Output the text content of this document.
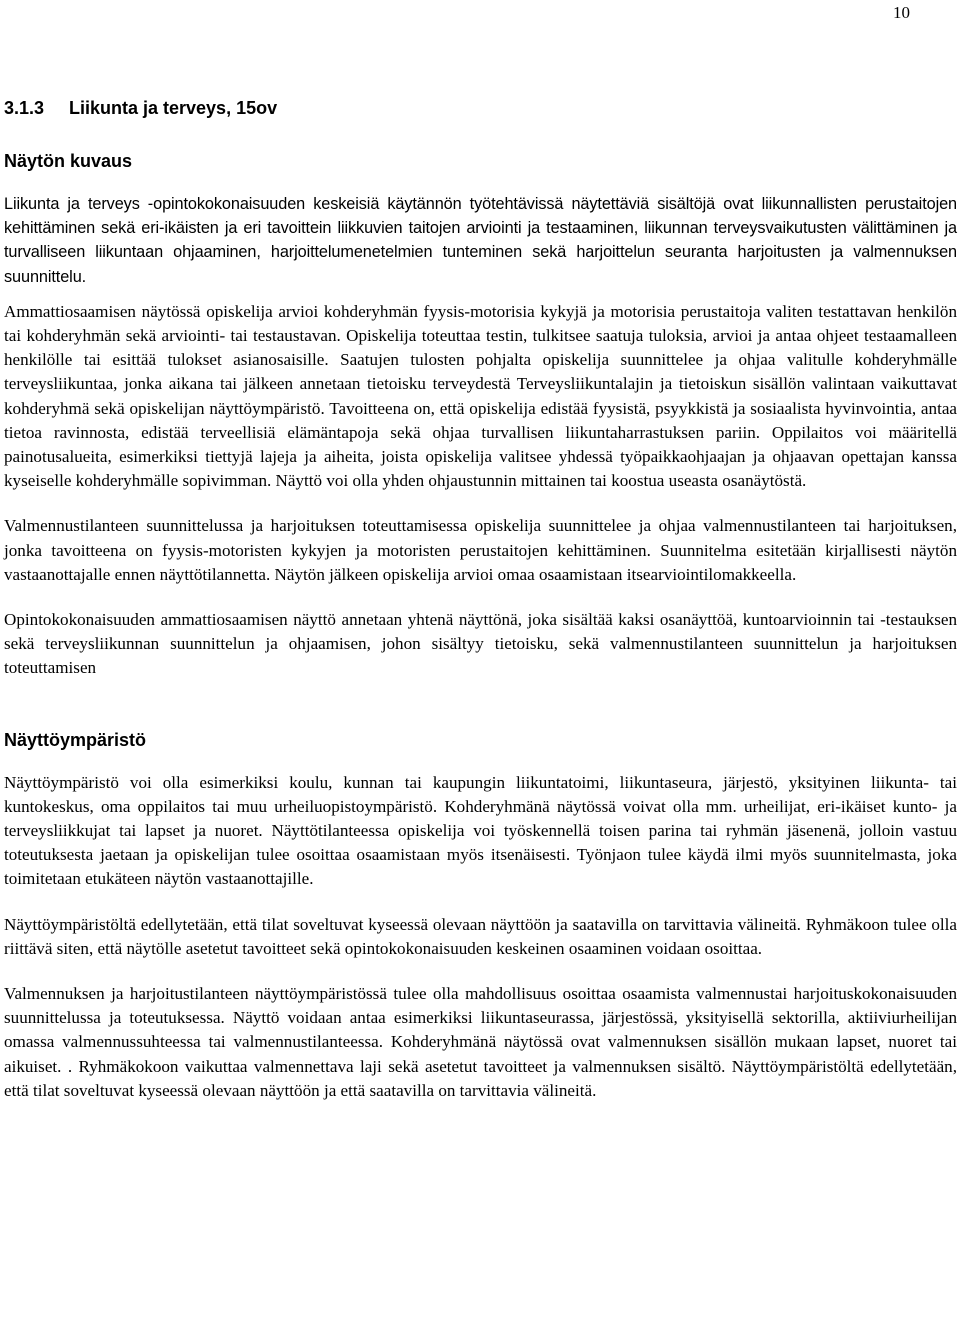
10
3.1.3 Liikunta ja terveys, 15ov
Näytön kuvaus

Liikunta ja terveys -opintokokonaisuuden keskeisiä käytännön työtehtävissä näytettäviä sisältöjä ovat liikunnallisten perustaitojen kehittäminen sekä eri-ikäisten ja eri tavoittein liikkuvien taitojen arviointi ja testaaminen, liikunnan terveysvaikutusten välittäminen ja turvalliseen liikuntaan ohjaaminen, harjoittelumenetelmien tunteminen sekä harjoittelun seuranta harjoitusten ja valmennuksen suunnittelu.

Ammattiosaamisen näytössä opiskelija arvioi kohderyhmän fyysis-motorisia kykyjä ja motorisia perustaitoja valiten testattavan henkilön tai kohderyhmän sekä arviointi- tai testaustavan. Opiskelija toteuttaa testin, tulkitsee saatuja tuloksia, arvioi ja antaa ohjeet testaamalleen henkilölle tai esittää tulokset asianosaisille. Saatujen tulosten pohjalta opiskelija suunnittelee ja ohjaa valitulle kohderyhmälle terveysliikuntaa, jonka aikana tai jälkeen annetaan tietoisku terveydestä Terveysliikuntalajin ja tietoiskun sisällön valintaan vaikuttavat kohderyhmä sekä opiskelijan näyttöympäristö. Tavoitteena on, että opiskelija edistää fyysistä, psyykkistä ja sosiaalista hyvinvointia, antaa tietoa ravinnosta, edistää terveellisiä elämäntapoja sekä ohjaa turvallisen liikuntaharrastuksen pariin. Oppilaitos voi määritellä painotusalueita, esimerkiksi tiettyjä lajeja ja aiheita, joista opiskelija valitsee yhdessä työpaikkaohjaajan ja ohjaavan opettajan kanssa kyseiselle kohderyhmälle sopivimman. Näyttö voi olla yhden ohjaustunnin mittainen tai koostua useasta osanäytöstä.

Valmennustilanteen suunnittelussa ja harjoituksen toteuttamisessa opiskelija suunnittelee ja ohjaa valmennustilanteen tai harjoituksen, jonka tavoitteena on fyysis-motoristen kykyjen ja motoristen perustaitojen kehittäminen. Suunnitelma esitetään kirjallisesti näytön vastaanottajalle ennen näyttötilannetta. Näytön jälkeen opiskelija arvioi omaa osaamistaan itsearviointilomakkeella.

Opintokokonaisuuden ammattiosaamisen näyttö annetaan yhtenä näyttönä, joka sisältää kaksi osanäyttöä, kuntoarvioinnin tai -testauksen sekä terveysliikunnan suunnittelun ja ohjaamisen, johon sisältyy tietoisku, sekä valmennustilanteen suunnittelun ja harjoituksen toteuttamisen

Näyttöympäristö

Näyttöympäristö voi olla esimerkiksi koulu, kunnan tai kaupungin liikuntatoimi, liikuntaseura, järjestö, yksityinen liikunta- tai kuntokeskus, oma oppilaitos tai muu urheiluopistoympäristö. Kohderyhmänä näytössä voivat olla mm. urheilijat, eri-ikäiset kunto- ja terveysliikkujat tai lapset ja nuoret. Näyttötilanteessa opiskelija voi työskennellä toisen parina tai ryhmän jäsenenä, jolloin vastuu toteutuksesta jaetaan ja opiskelijan tulee osoittaa osaamistaan myös itsenäisesti. Työnjaon tulee käydä ilmi myös suunnitelmasta, joka toimitetaan etukäteen näytön vastaanottajille.

Näyttöympäristöltä edellytetään, että tilat soveltuvat kyseessä olevaan näyttöön ja saatavilla on tarvittavia välineitä. Ryhmäkoon tulee olla riittävä siten, että näytölle asetetut tavoitteet sekä opintokokonaisuuden keskeinen osaaminen voidaan osoittaa.

Valmennuksen ja harjoitustilanteen näyttöympäristössä tulee olla mahdollisuus osoittaa osaamista valmennustai harjoituskokonaisuuden suunnittelussa ja toteutuksessa. Näyttö voidaan antaa esimerkiksi liikuntaseurassa, järjestössä, yksityisellä sektorilla, aktiiviurheilijan omassa valmennussuhteessa tai valmennustilanteessa. Kohderyhmänä näytössä ovat valmennuksen sisällön mukaan lapset, nuoret tai aikuiset. . Ryhmäkokoon vaikuttaa valmennettava laji sekä asetetut tavoitteet ja valmennuksen sisältö. Näyttöympäristöltä edellytetään, että tilat soveltuvat kyseessä olevaan näyttöön ja että saatavilla on tarvittavia välineitä.
